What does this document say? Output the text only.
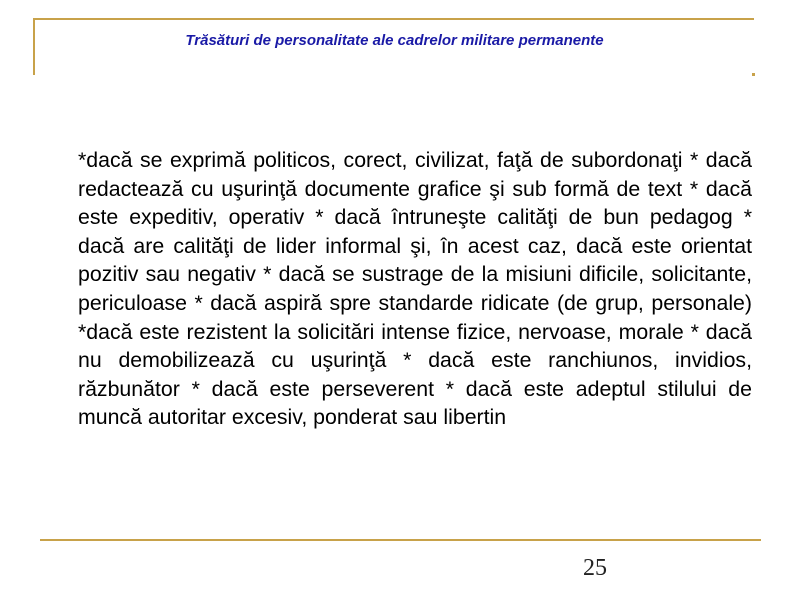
Trăsături de personalitate ale cadrelor militare permanente

*dacă se exprimă politicos, corect, civilizat, faţă de subordonaţi * dacă redactează cu uşurinţă documente grafice şi sub formă de text * dacă este expeditiv, operativ * dacă întruneşte calităţi de bun pedagog * dacă are calităţi de lider informal şi, în acest caz, dacă este orientat pozitiv sau negativ * dacă se sustrage de la misiuni dificile, solicitante, periculoase * dacă aspiră spre standarde ridicate (de grup, personale) *dacă este rezistent la solicitări intense fizice, nervoase, morale * dacă nu demobilizează cu uşurinţă * dacă este ranchiunos, invidios, răzbunător * dacă este perseverent * dacă este adeptul stilului de muncă autoritar excesiv, ponderat sau libertin

25
